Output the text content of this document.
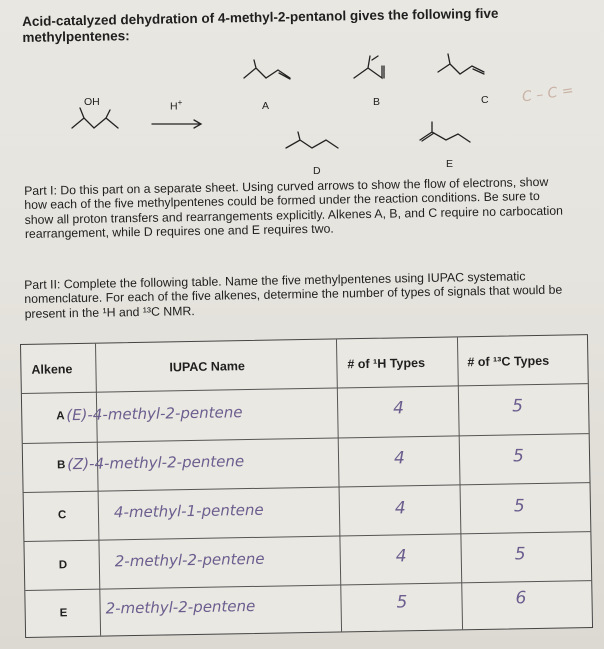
Acid-catalyzed dehydration of 4-methyl-2-pentanol gives the following five methylpentenes:
OH	H+	A	B	C
D
E
C – C =
Part I: Do this part on a separate sheet. Using curved arrows to show the flow of electrons, show how each of the five methylpentenes could be formed under the reaction conditions. Be sure to show all proton transfers and rearrangements explicitly. Alkenes A, B, and C require no carbocation rearrangement, while D requires one and E requires two.
Part II: Complete the following table. Name the five methylpentenes using IUPAC systematic nomenclature. For each of the five alkenes, determine the number of types of signals that would be present in the ¹H and ¹³C NMR.
Alkene	IUPAC Name	# of ¹H Types	# of ¹³C Types
A (E)-4-methyl-2-pentene	4	5
B (Z)-4-methyl-2-pentene	4	5
C	4-methyl-1-pentene	4	5
D	2-methyl-2-pentene	4	5
E	2-methyl-2-pentene	5	6
